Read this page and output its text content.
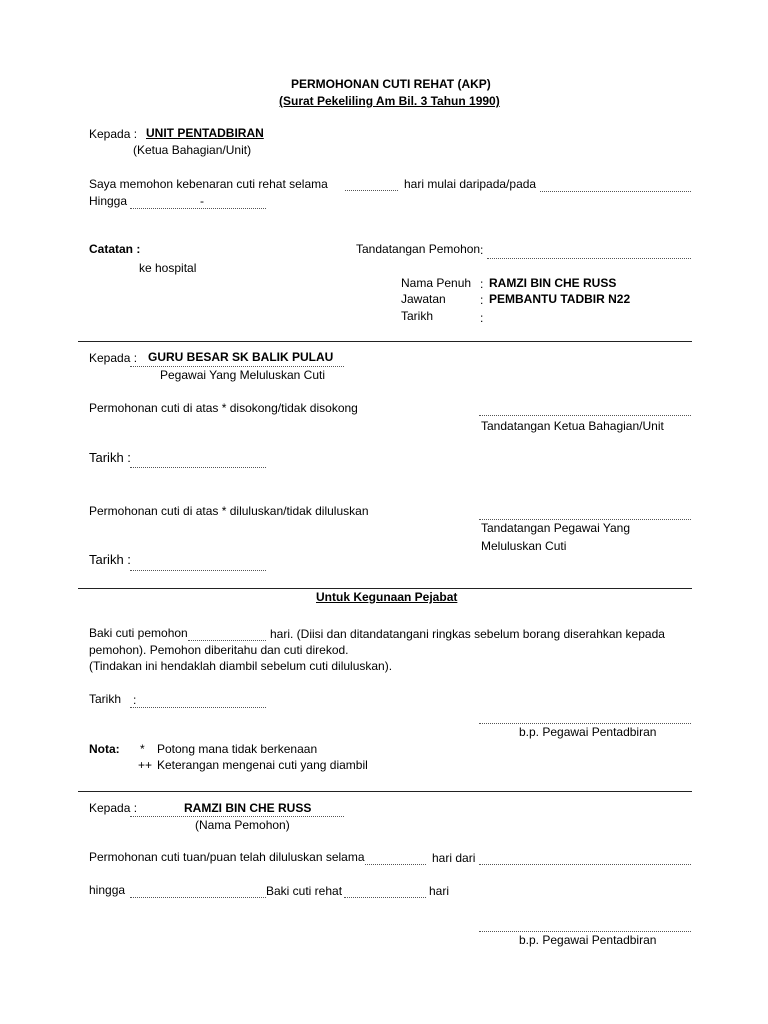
PERMOHONAN CUTI REHAT (AKP)
(Surat Pekeliling Am Bil. 3 Tahun 1990)
Kepada : UNIT PENTADBIRAN
(Ketua Bahagian/Unit)
Saya memohon kebenaran cuti rehat selama	hari mulai daripada/pada
Hingga	-
Catatan :
ke hospital
Tandatangan Pemohon :
Nama Penuh : RAMZI BIN CHE RUSS
Jawatan	: PEMBANTU TADBIR N22
Tarikh	:
Kepada : GURU BESAR SK BALIK PULAU
Pegawai Yang Meluluskan Cuti
Permohonan cuti di atas * disokong/tidak disokong
Tandatangan Ketua Bahagian/Unit
Tarikh :
Permohonan cuti di atas * diluluskan/tidak diluluskan
Tandatangan Pegawai Yang
Meluluskan Cuti
Tarikh :
Untuk Kegunaan Pejabat
Baki cuti pemohon	hari. (Diisi dan ditandatangani ringkas sebelum borang diserahkan kepada
pemohon). Pemohon diberitahu dan cuti direkod.
(Tindakan ini hendaklah diambil sebelum cuti diluluskan).
Tarikh :
b.p. Pegawai Pentadbiran
Nota: * Potong mana tidak berkenaan
++ Keterangan mengenai cuti yang diambil
Kepada :	RAMZI BIN CHE RUSS
(Nama Pemohon)
Permohonan cuti tuan/puan telah diluluskan selama	hari dari
hingga	Baki cuti rehat	hari
b.p. Pegawai Pentadbiran
